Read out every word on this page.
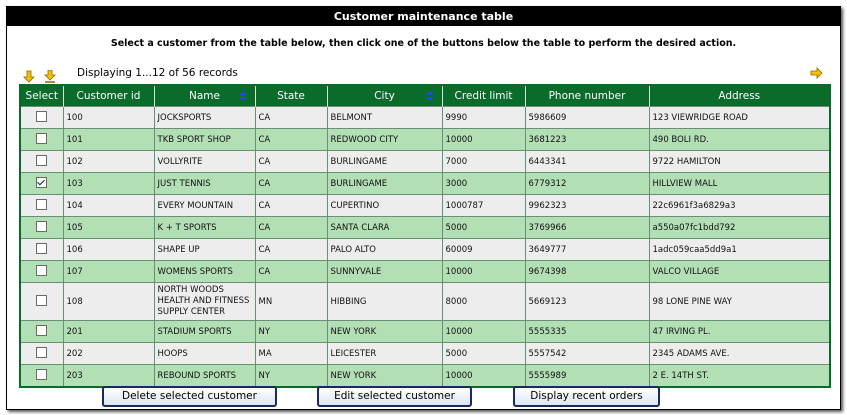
Customer maintenance table
Select a customer from the table below, then click one of the buttons below the table to perform the desired action.

Displaying 1...12 of 56 records
Select	Customer id	Name	State	City	Credit limit	Phone number	Address
	100	JOCKSPORTS	CA	BELMONT	9990	5986609	123 VIEWRIDGE ROAD
	101	TKB SPORT SHOP	CA	REDWOOD CITY	10000	3681223	490 BOLI RD.
	102	VOLLYRITE	CA	BURLINGAME	7000	6443341	9722 HAMILTON
	103	JUST TENNIS	CA	BURLINGAME	3000	6779312	HILLVIEW MALL
	104	EVERY MOUNTAIN	CA	CUPERTINO	1000787	9962323	22c6961f3a6829a3
	105	K + T SPORTS	CA	SANTA CLARA	5000	3769966	a550a07fc1bdd792
	106	SHAPE UP	CA	PALO ALTO	60009	3649777	1adc059caa5dd9a1
	107	WOMENS SPORTS	CA	SUNNYVALE	10000	9674398	VALCO VILLAGE
	108	NORTH WOODS HEALTH AND FITNESS SUPPLY CENTER	MN	HIBBING	8000	5669123	98 LONE PINE WAY
	201	STADIUM SPORTS	NY	NEW YORK	10000	5555335	47 IRVING PL.
	202	HOOPS	MA	LEICESTER	5000	5557542	2345 ADAMS AVE.
	203	REBOUND SPORTS	NY	NEW YORK	10000	5555989	2 E. 14TH ST.
Delete selected customer	Edit selected customer	Display recent orders
